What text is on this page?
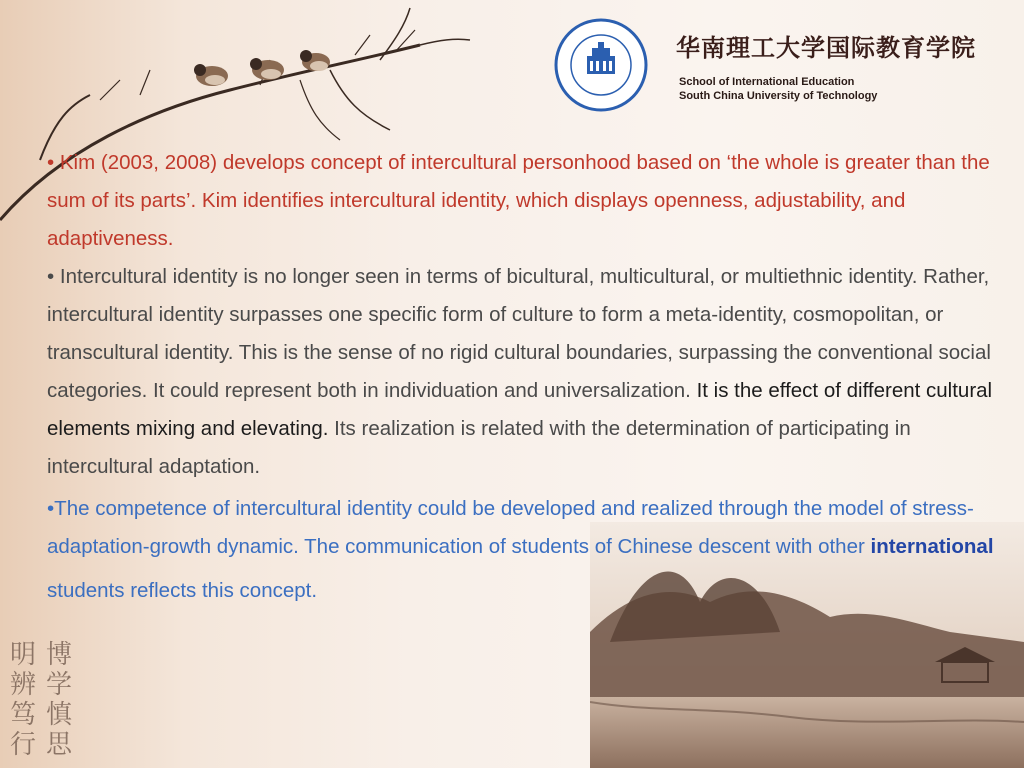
华南理工大学国际教育学院
School of International Education
South China University of Technology

• Kim (2003, 2008) develops concept of intercultural personhood based on ‘the whole is greater than the sum of its parts’. Kim identifies intercultural identity, which displays openness, adjustability, and adaptiveness.

• Intercultural identity is no longer seen in terms of bicultural, multicultural, or multiethnic identity. Rather, intercultural identity surpasses one specific form of culture to form a meta-identity, cosmopolitan, or transcultural identity. This is the sense of no rigid cultural boundaries, surpassing the conventional social categories. It could represent both in individuation and universalization. It is the effect of different cultural elements mixing and elevating. Its realization is related with the determination of participating in intercultural adaptation.

•The competence of intercultural identity could be developed and realized through the model of stress-adaptation-growth dynamic. The communication of students of Chinese descent with other international

students reflects this concept.

明辨笃行
博学慎思
